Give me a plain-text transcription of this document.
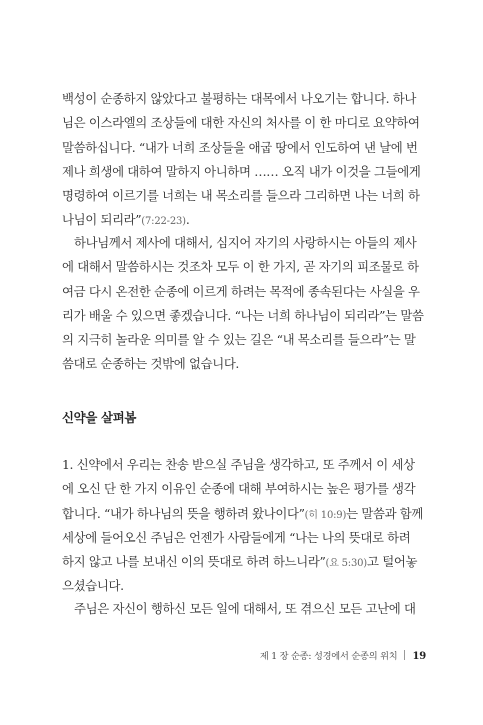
백성이 순종하지 않았다고 불평하는 대목에서 나오기는 합니다. 하나
님은 이스라엘의 조상들에 대한 자신의 처사를 이 한 마디로 요약하여
말씀하십니다. “내가 너희 조상들을 애굽 땅에서 인도하여 낸 날에 번
제나 희생에 대하여 말하지 아니하며 …… 오직 내가 이것을 그들에게
명령하여 이르기를 너희는 내 목소리를 들으라 그리하면 나는 너희 하
나님이 되리라”(7:22-23).
하나님께서 제사에 대해서, 심지어 자기의 사랑하시는 아들의 제사
에 대해서 말씀하시는 것조차 모두 이 한 가지, 곧 자기의 피조물로 하
여금 다시 온전한 순종에 이르게 하려는 목적에 종속된다는 사실을 우
리가 배울 수 있으면 좋겠습니다. “나는 너희 하나님이 되리라”는 말씀
의 지극히 놀라운 의미를 알 수 있는 길은 “내 목소리를 들으라”는 말
씀대로 순종하는 것밖에 없습니다.
신약을 살펴봄
1. 신약에서 우리는 찬송 받으실 주님을 생각하고, 또 주께서 이 세상
에 오신 단 한 가지 이유인 순종에 대해 부여하시는 높은 평가를 생각
합니다. “내가 하나님의 뜻을 행하려 왔나이다”(히 10:9)는 말씀과 함께
세상에 들어오신 주님은 언젠가 사람들에게 “나는 나의 뜻대로 하려
하지 않고 나를 보내신 이의 뜻대로 하려 하느니라”(요 5:30)고 털어놓
으셨습니다.
주님은 자신이 행하신 모든 일에 대해서, 또 겪으신 모든 고난에 대
제 1 장 순종: 성경에서 순종의 위치 19
